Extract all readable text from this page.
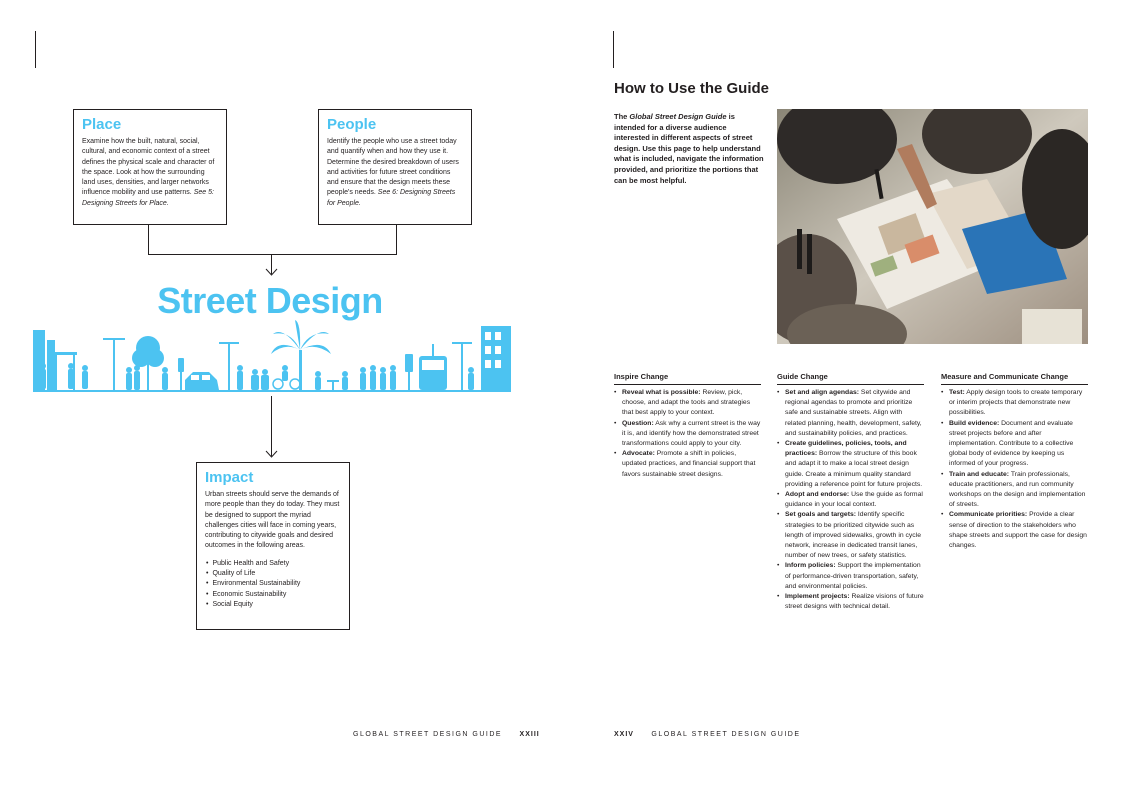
Place

Examine how the built, natural, social, cultural, and economic context of a street defines the physical scale and character of the space. Look at how the surrounding land uses, densities, and larger networks influence mobility and use patterns. See 5: Designing Streets for Place.

People

Identify the people who use a street today and quantify when and how they use it. Determine the desired breakdown of users and activities for future street conditions and ensure that the design meets these people's needs. See 6: Designing Streets for People.

Street Design
Impact

Urban streets should serve the demands of more people than they do today. They must be designed to support the myriad challenges cities will face in coming years, contributing to citywide goals and desired outcomes in the following areas.

• Public Health and Safety
• Quality of Life
• Environmental Sustainability
• Economic Sustainability
• Social Equity
GLOBAL STREET DESIGN GUIDE XXIII
How to Use the Guide
The Global Street Design Guide is intended for a diverse audience interested in different aspects of street design. Use this page to help understand what is included, navigate the information provided, and prioritize the portions that can be most helpful.
Inspire Change
• Reveal what is possible: Review, pick, choose, and adapt the tools and strategies that best apply to your context.
• Question: Ask why a current street is the way it is, and identify how the demonstrated street transformations could apply to your city.
• Advocate: Promote a shift in policies, updated practices, and financial support that favors sustainable street designs.
Guide Change
• Set and align agendas: Set citywide and regional agendas to promote and prioritize safe and sustainable streets. Align with related planning, health, development, safety, and sustainability policies, and practices.
• Create guidelines, policies, tools, and practices: Borrow the structure of this book and adapt it to make a local street design guide. Create a minimum quality standard providing a reference point for future projects.
• Adopt and endorse: Use the guide as formal guidance in your local context.
• Set goals and targets: Identify specific strategies to be prioritized citywide such as length of improved sidewalks, growth in cycle network, increase in dedicated transit lanes, number of new trees, or safety statistics.
• Inform policies: Support the implementation of performance-driven transportation, safety, and environmental policies.
• Implement projects: Realize visions of future street designs with technical detail.
Measure and Communicate Change
• Test: Apply design tools to create temporary or interim projects that demonstrate new possibilities.
• Build evidence: Document and evaluate street projects before and after implementation. Contribute to a collective global body of evidence by keeping us informed of your progress.
• Train and educate: Train professionals, educate practitioners, and run community workshops on the design and implementation of streets.
• Communicate priorities: Provide a clear sense of direction to the stakeholders who shape streets and support the case for design changes.
XXIV GLOBAL STREET DESIGN GUIDE
